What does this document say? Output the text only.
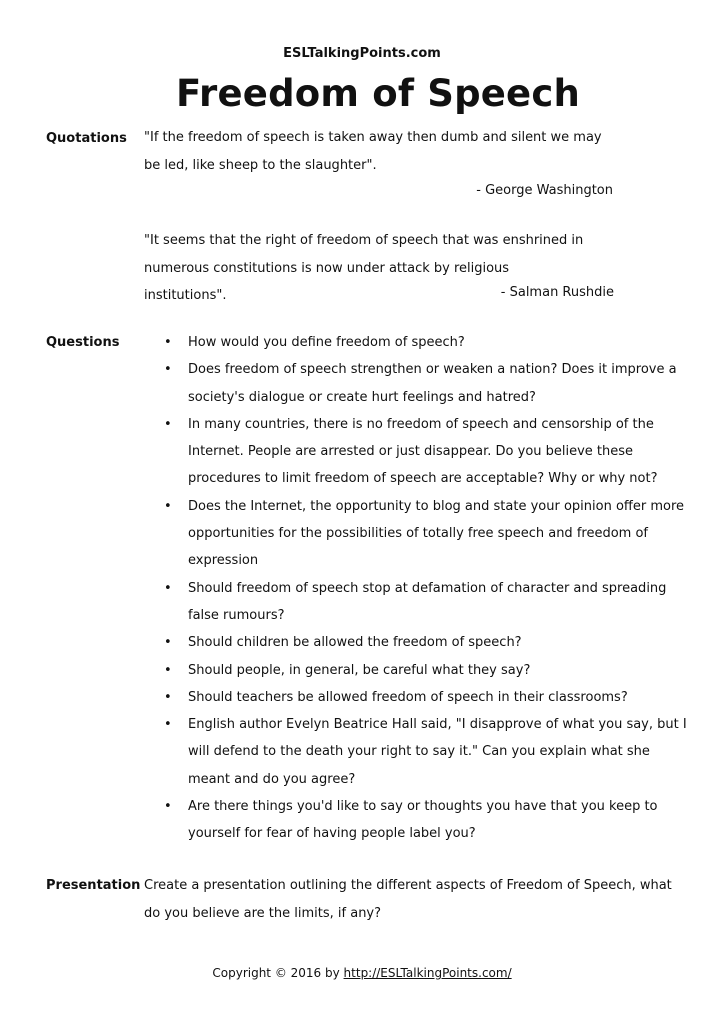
ESLTalkingPoints.com
Freedom of Speech
Quotations "If the freedom of speech is taken away then dumb and silent we may be led, like sheep to the slaughter".
- George Washington
"It seems that the right of freedom of speech that was enshrined in numerous constitutions is now under attack by religious institutions".	- Salman Rushdie
Questions	• How would you define freedom of speech?
• Does freedom of speech strengthen or weaken a nation? Does it improve a society's dialogue or create hurt feelings and hatred?
• In many countries, there is no freedom of speech and censorship of the Internet. People are arrested or just disappear. Do you believe these procedures to limit freedom of speech are acceptable? Why or why not?
• Does the Internet, the opportunity to blog and state your opinion offer more opportunities for the possibilities of totally free speech and freedom of expression
• Should freedom of speech stop at defamation of character and spreading false rumours?
• Should children be allowed the freedom of speech?
• Should people, in general, be careful what they say?
• Should teachers be allowed freedom of speech in their classrooms?
• English author Evelyn Beatrice Hall said, "I disapprove of what you say, but I will defend to the death your right to say it." Can you explain what she meant and do you agree?
• Are there things you'd like to say or thoughts you have that you keep to yourself for fear of having people label you?
Presentation Create a presentation outlining the different aspects of Freedom of Speech, what do you believe are the limits, if any?
Copyright © 2016 by http://ESLTalkingPoints.com/
